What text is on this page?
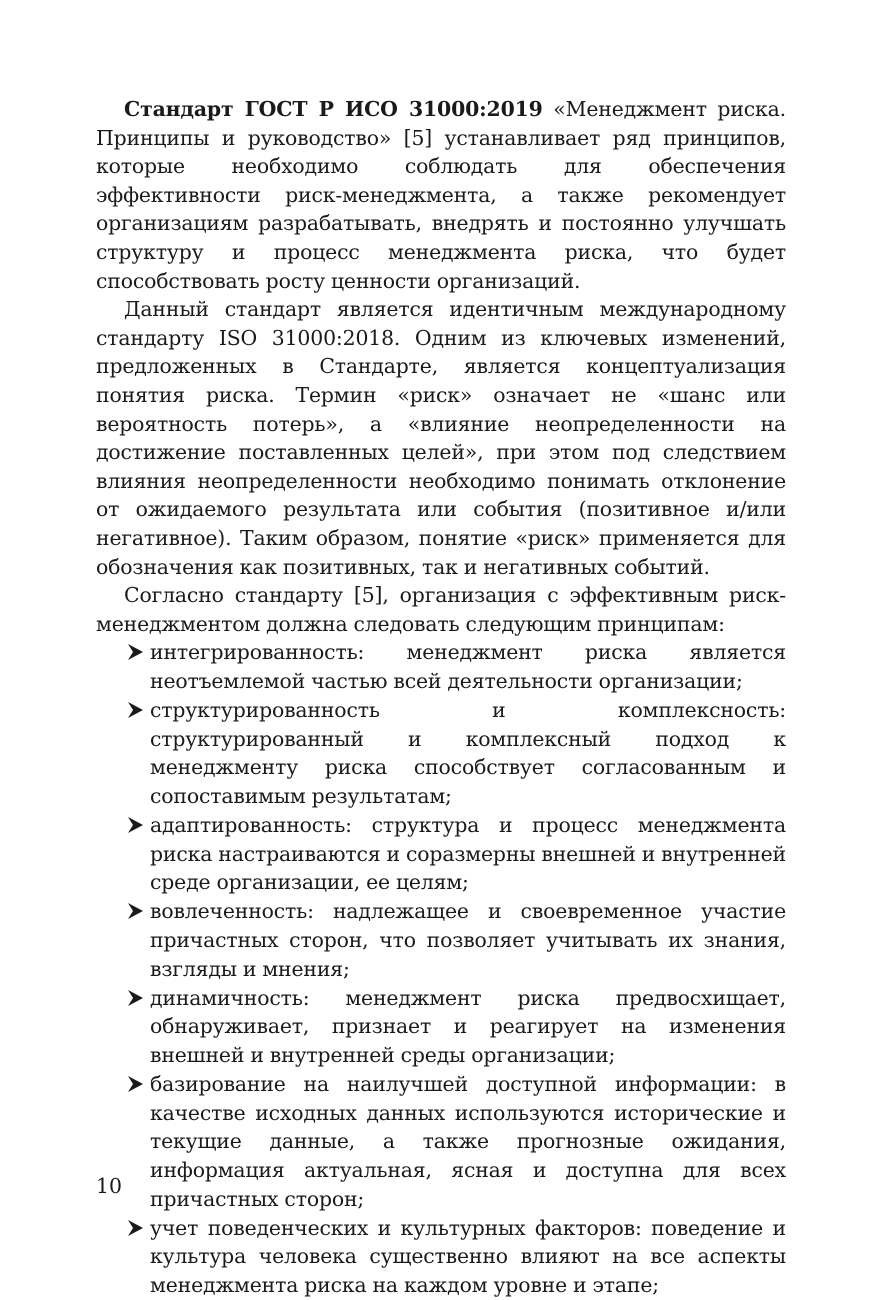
Стандарт ГОСТ Р ИСО 31000:2019 «Менеджмент риска. Принципы и руководство» [5] устанавливает ряд принципов, которые необходимо соблюдать для обеспечения эффективности риск-менеджмента, а также рекомендует организациям разрабатывать, внедрять и постоянно улучшать структуру и процесс менеджмента риска, что будет способствовать росту ценности организаций.

Данный стандарт является идентичным международному стандарту ISO 31000:2018. Одним из ключевых изменений, предложенных в Стандарте, является концептуализация понятия риска. Термин «риск» означает не «шанс или вероятность потерь», а «влияние неопределенности на достижение поставленных целей», при этом под следствием влияния неопределенности необходимо понимать отклонение от ожидаемого результата или события (позитивное и/или негативное). Таким образом, понятие «риск» применяется для обозначения как позитивных, так и негативных событий.

Согласно стандарту [5], организация с эффективным риск-менеджментом должна следовать следующим принципам:

интегрированность: менеджмент риска является неотъемлемой частью всей деятельности организации;
структурированность и комплексность: структурированный и комплексный подход к менеджменту риска способствует согласованным и сопоставимым результатам;
адаптированность: структура и процесс менеджмента риска настраиваются и соразмерны внешней и внутренней среде организации, ее целям;
вовлеченность: надлежащее и своевременное участие причастных сторон, что позволяет учитывать их знания, взгляды и мнения;
динамичность: менеджмент риска предвосхищает, обнаруживает, признает и реагирует на изменения внешней и внутренней среды организации;
базирование на наилучшей доступной информации: в качестве исходных данных используются исторические и текущие данные, а также прогнозные ожидания, информация актуальная, ясная и доступна для всех причастных сторон;
учет поведенческих и культурных факторов: поведение и культура человека существенно влияют на все аспекты менеджмента риска на каждом уровне и этапе;
10
